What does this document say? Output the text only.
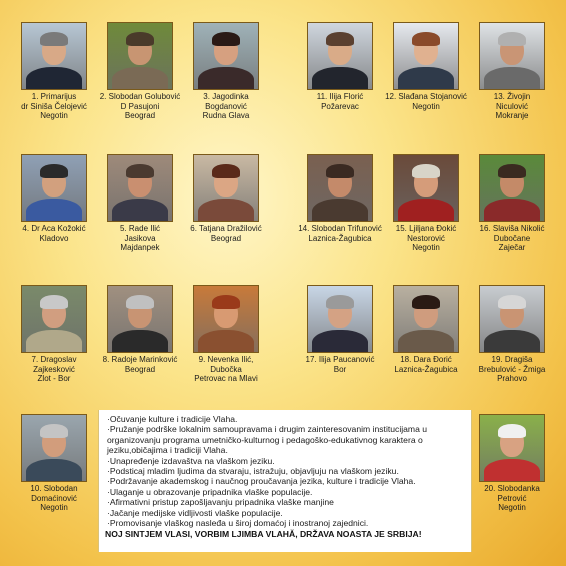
1. Primarijus
dr Siniša Čelojević
Negotin
2. Slobodan Golubović
D Pasujoni
Beograd
3. Jagodinka
Bogdanović
Rudna Glava
11. Ilija Florić
Požarevac
12. Slađana Stojanović
Negotin
13. Živojin
Niculović
Mokranje
4. Dr Aca Kožokić
Kladovo
5. Rade Ilić
Jasikova
Majdanpek
6. Tatjana Dražilović
Beograd
14. Slobodan Trifunović
Laznica-Žagubica
15. Ljiljana Đokić
Nestorović
Negotin
16. Slaviša Nikolić
Dubočane
Zaječar
7. Dragoslav
Zajkesković
Zlot - Bor
8. Radoje Marinković
Beograd
9. Nevenka Ilić,
Dubočka
Petrovac na Mlavi
17. Ilija Paucanović
Bor
18. Dara Đorić
Laznica-Žagubica
19. Dragiša
Brebulović - Žmiga
Prahovo
10. Slobodan
Domaćinović
Negotin
20. Slobodanka
Petrović
Negotin
·Očuvanje kulture i tradicije Vlaha.
·Pružanje podrške lokalnim samoupravama i drugim zainteresovanim institucijama u organizovanju programa umetničko-kulturnog i pedagoško-edukativnog karaktera o jeziku,običajima i tradiciji Vlaha.
·Unapređenje izdavaštva na vlaškom jeziku.
·Podsticaj mladim ljudima da stvaraju, istražuju, objavljuju na vlaškom jeziku.
·Podržavanje akademskog i naučnog proučavanja jezika, kulture i tradicije Vlaha.
·Ulaganje u obrazovanje pripadnika vlaške populacije.
·Afirmativni pristup zapošljavanju pripadnika vlaške manjine
·Jačanje medijske vidljivosti vlaške populacije.
·Promovisanje vlaškog nasleđa u široj domaćoj i inostranoj zajednici.
NOJ SINTJEM VLASI, VORBIM LJIMBA VLAHĂ, DRŽAVA NOASTA JE SRBIJA!
